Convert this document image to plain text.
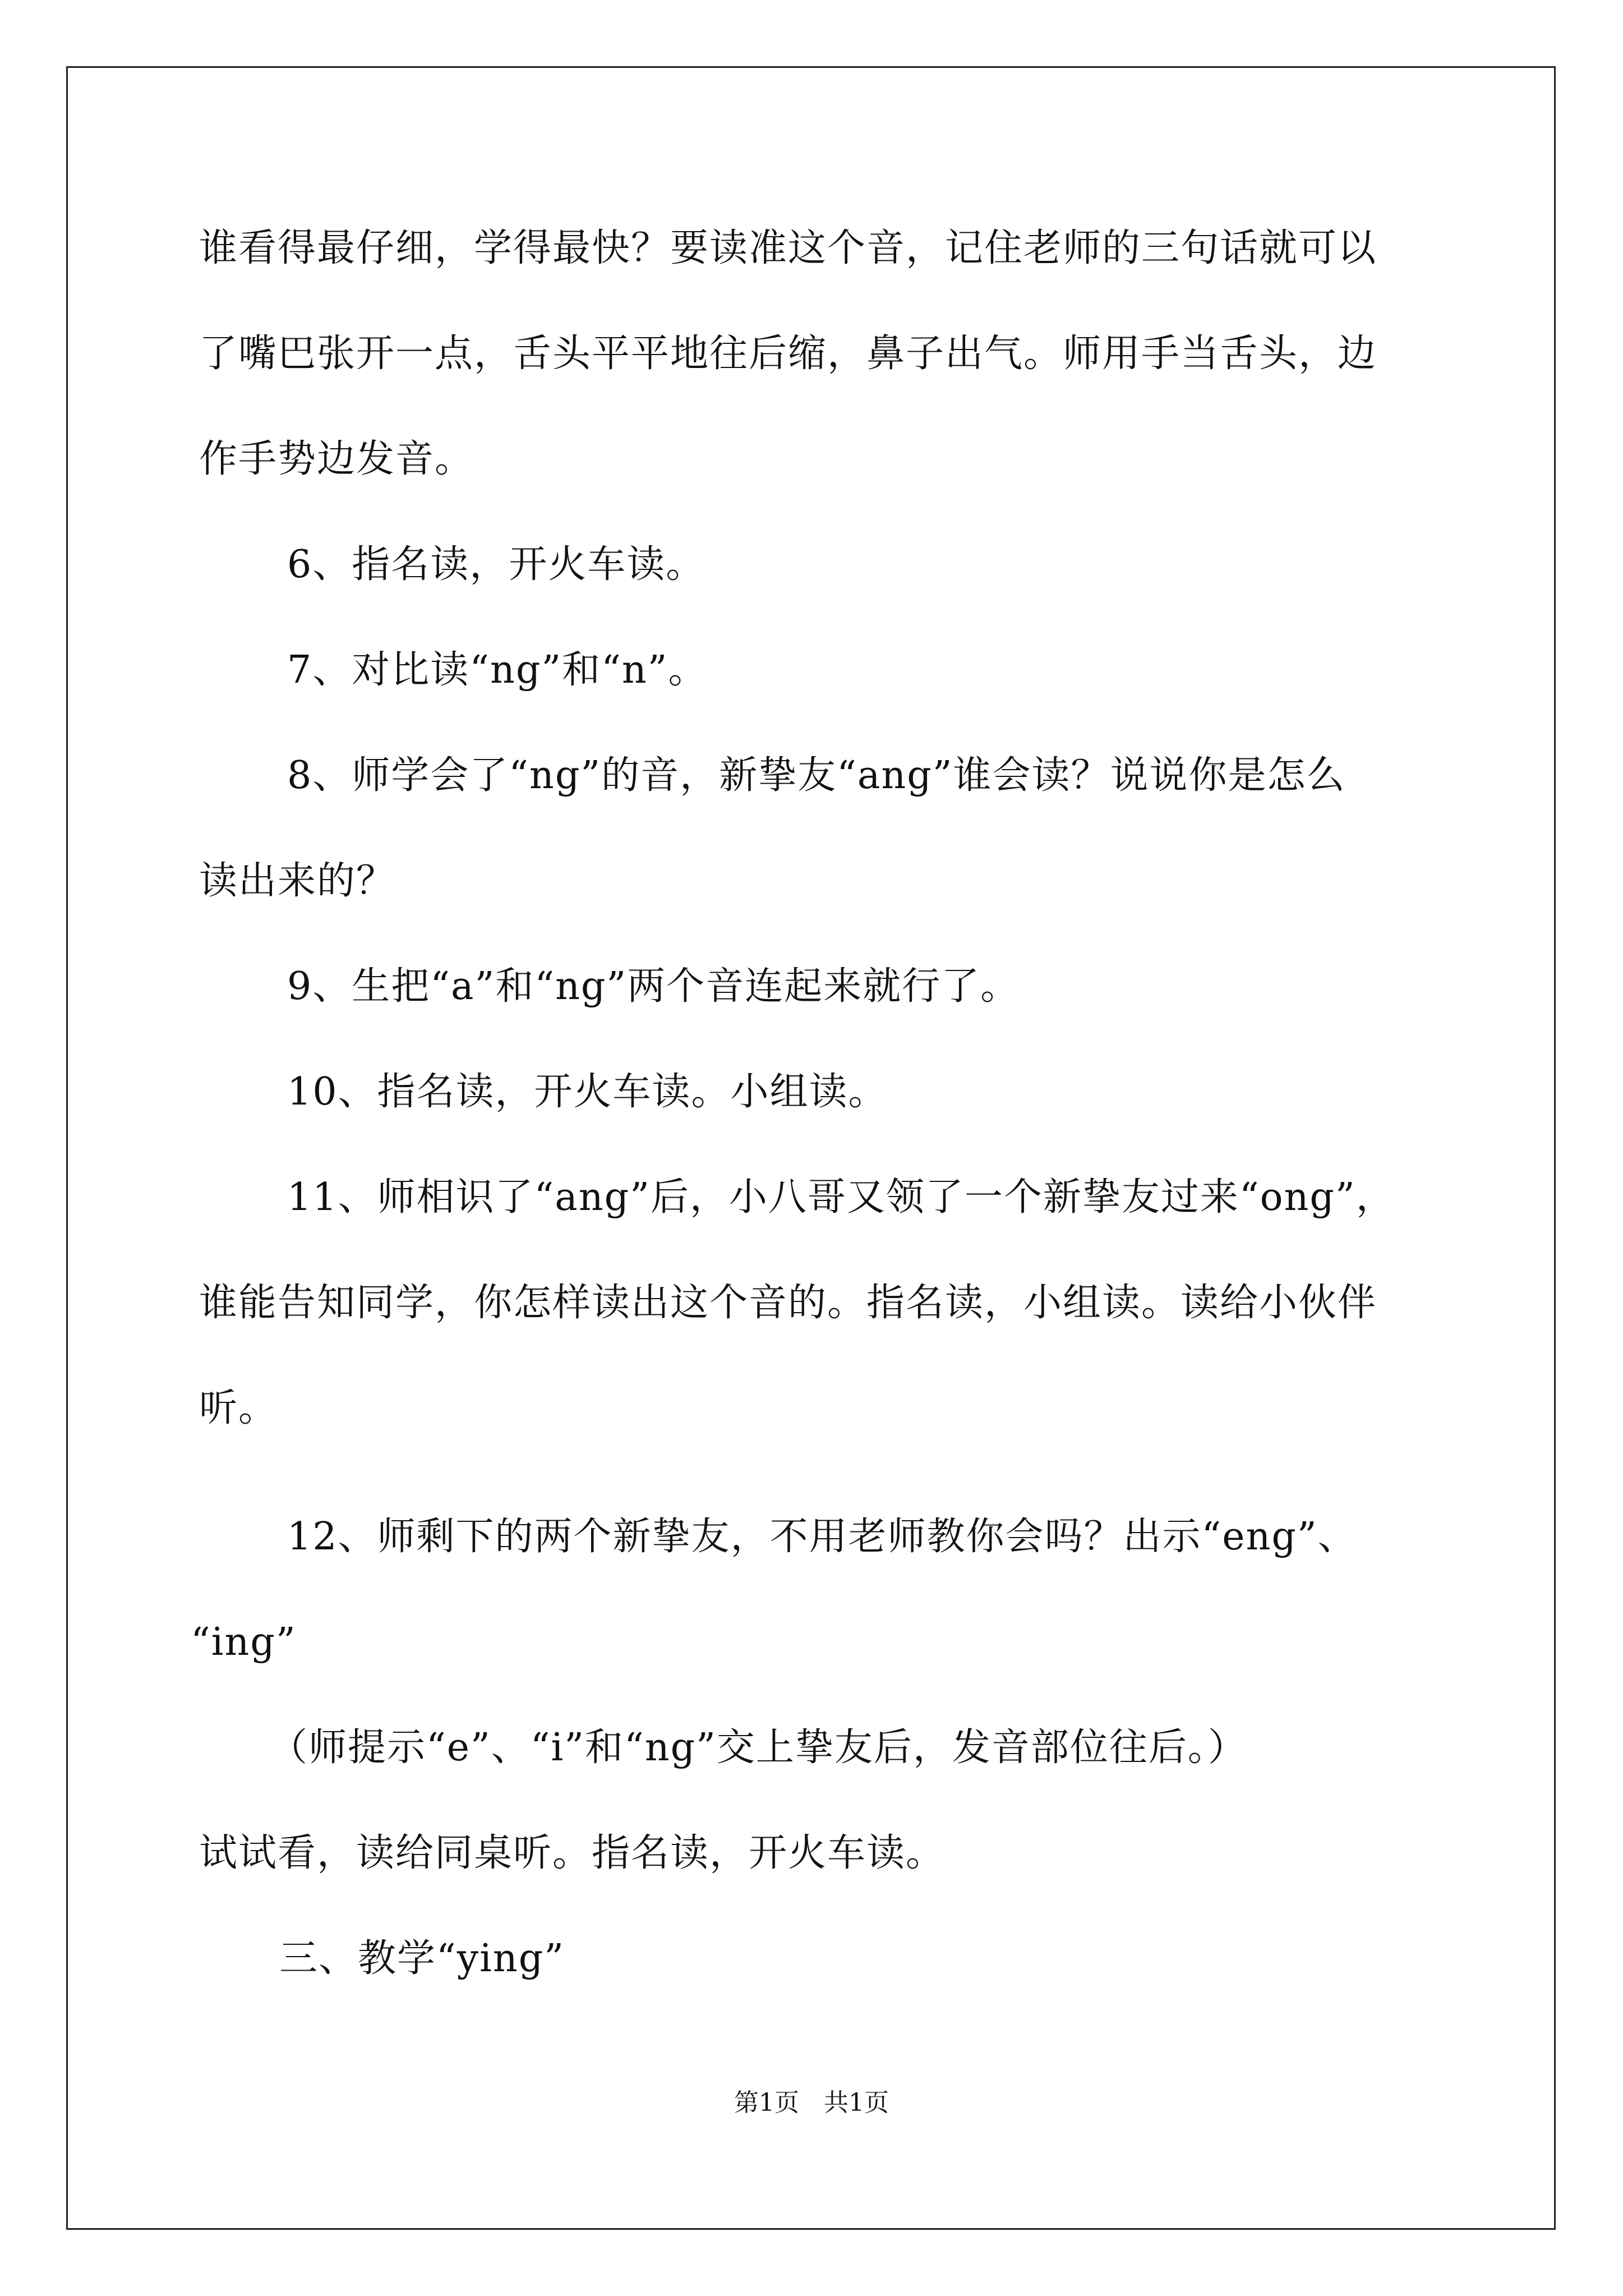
谁看得最仔细，学得最快？要读准这个音，记住老师的三句话就可以
了嘴巴张开一点，舌头平平地往后缩，鼻子出气。师用手当舌头，边
作手势边发音。
6、指名读，开火车读。
7、对比读“ng”和“n”。
8、师学会了“ng”的音，新挚友“ang”谁会读？说说你是怎么
读出来的？
9、生把“a”和“ng”两个音连起来就行了。
10、指名读，开火车读。小组读。
11、师相识了“ang”后，小八哥又领了一个新挚友过来“ong”，
谁能告知同学，你怎样读出这个音的。指名读，小组读。读给小伙伴
听。
12、师剩下的两个新挚友，不用老师教你会吗？出示“eng”、
“ing”
（师提示“e”、“i”和“ng”交上挚友后，发音部位往后。）
试试看，读给同桌听。指名读，开火车读。
三、教学“ying”
第1页　共1页
